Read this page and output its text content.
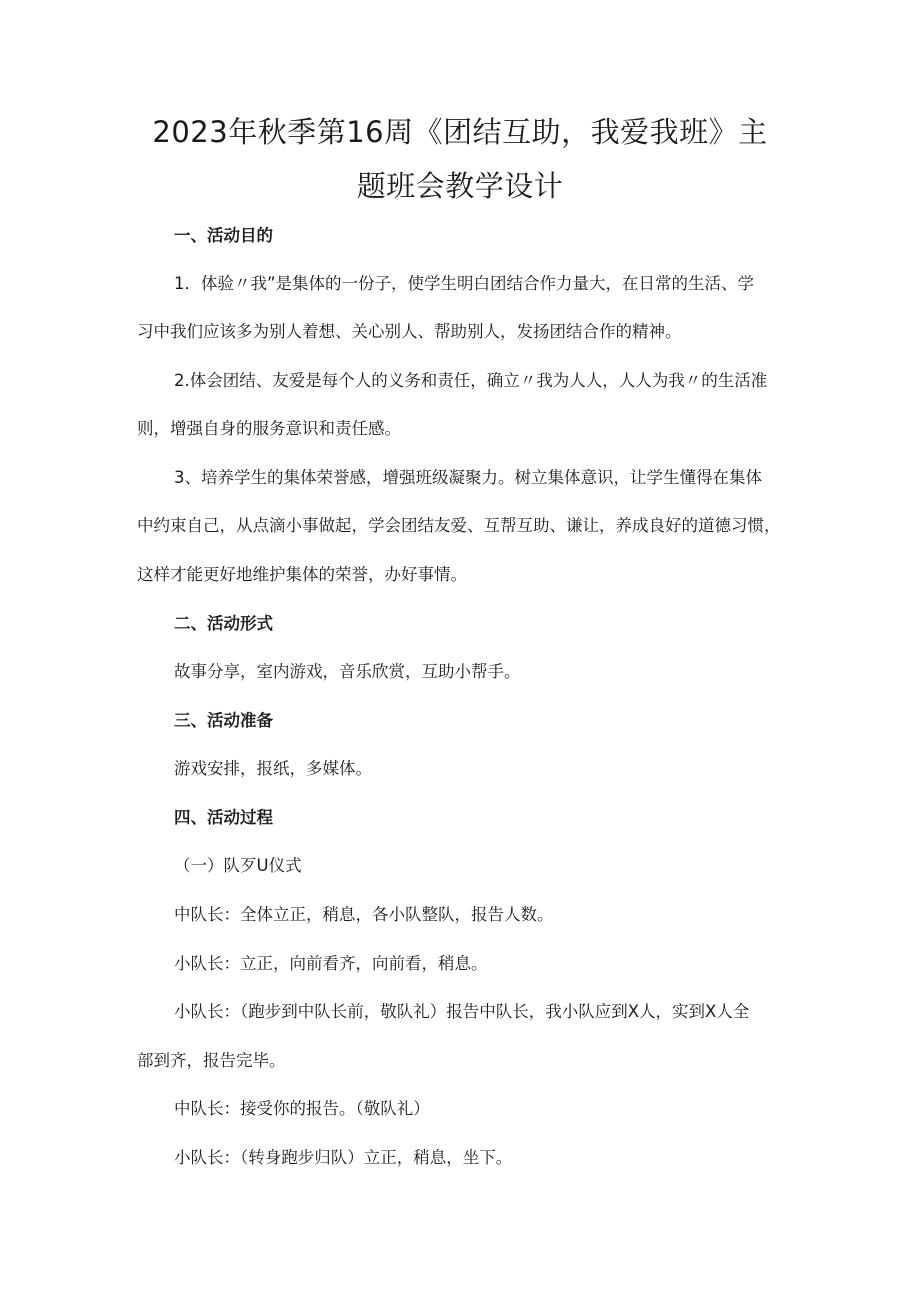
2023年秋季第16周《团结互助，我爱我班》主
题班会教学设计

一、活动目的

1．体验〃我”是集体的一份子，使学生明白团结合作力量大，在日常的生活、学

习中我们应该多为别人着想、关心别人、帮助别人，发扬团结合作的精神。

2.体会团结、友爱是每个人的义务和责任，确立〃我为人人，人人为我〃的生活准

则，增强自身的服务意识和责任感。

3、培养学生的集体荣誉感，增强班级凝聚力。树立集体意识，让学生懂得在集体

中约束自己，从点滴小事做起，学会团结友爱、互帮互助、谦让，养成良好的道德习惯，

这样才能更好地维护集体的荣誉，办好事情。

二、活动形式

故事分享，室内游戏，音乐欣赏，互助小帮手。

三、活动准备

游戏安排，报纸，多媒体。

四、活动过程

（一）队歹U仪式

中队长：全体立正，稍息，各小队整队，报告人数。

小队长：立正，向前看齐，向前看，稍息。

小队长：（跑步到中队长前，敬队礼）报告中队长，我小队应到X人，实到X人全

部到齐，报告完毕。

中队长：接受你的报告。（敬队礼）

小队长：（转身跑步归队）立正，稍息，坐下。
